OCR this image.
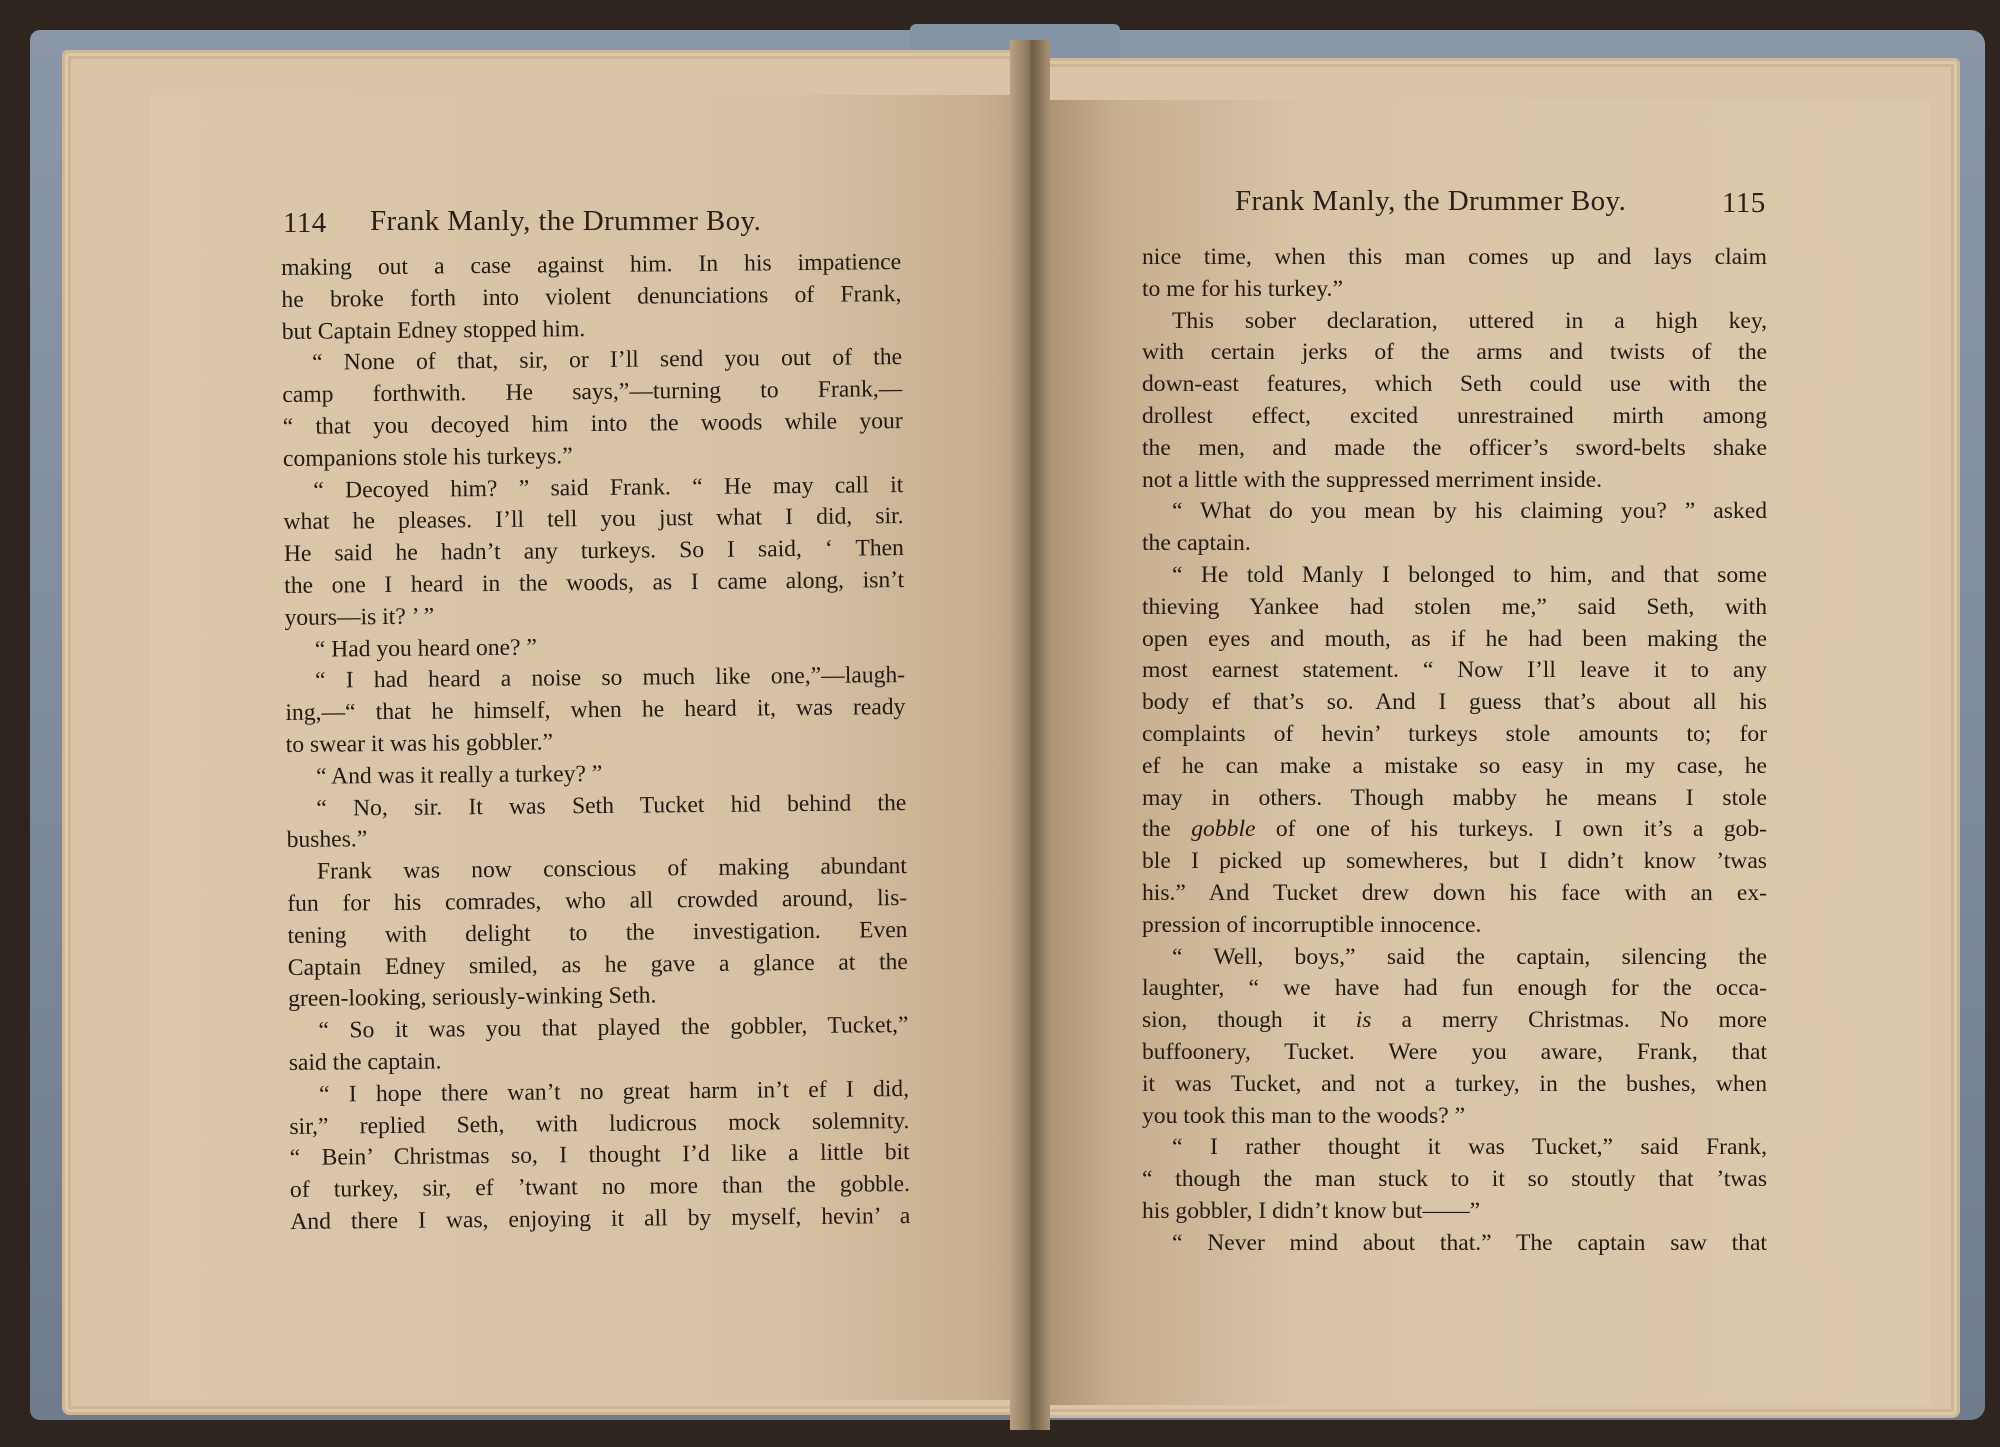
114 Frank Manly, the Drummer Boy.
making out a case against him. In his impatience
he broke forth into violent denunciations of Frank,
but Captain Edney stopped him.
“ None of that, sir, or I’ll send you out of the
camp forthwith. He says,”—turning to Frank,—
“ that you decoyed him into the woods while your
companions stole his turkeys.”
“ Decoyed him? ” said Frank. “ He may call it
what he pleases. I’ll tell you just what I did, sir.
He said he hadn’t any turkeys. So I said, ‘ Then
the one I heard in the woods, as I came along, isn’t
yours—is it? ’ ”
“ Had you heard one? ”
“ I had heard a noise so much like one,”—laugh-
ing,—“ that he himself, when he heard it, was ready
to swear it was his gobbler.”
“ And was it really a turkey? ”
“ No, sir. It was Seth Tucket hid behind the
bushes.”
Frank was now conscious of making abundant
fun for his comrades, who all crowded around, lis-
tening with delight to the investigation. Even
Captain Edney smiled, as he gave a glance at the
green-looking, seriously-winking Seth.
“ So it was you that played the gobbler, Tucket,”
said the captain.
“ I hope there wan’t no great harm in’t ef I did,
sir,” replied Seth, with ludicrous mock solemnity.
“ Bein’ Christmas so, I thought I’d like a little bit
of turkey, sir, ef ’twant no more than the gobble.
And there I was, enjoying it all by myself, hevin’ a
Frank Manly, the Drummer Boy.	115
nice time, when this man comes up and lays claim
to me for his turkey.”
This sober declaration, uttered in a high key,
with certain jerks of the arms and twists of the
down-east features, which Seth could use with the
drollest effect, excited unrestrained mirth among
the men, and made the officer’s sword-belts shake
not a little with the suppressed merriment inside.
“ What do you mean by his claiming you? ” asked
the captain.
“ He told Manly I belonged to him, and that some
thieving Yankee had stolen me,” said Seth, with
open eyes and mouth, as if he had been making the
most earnest statement. “ Now I’ll leave it to any
body ef that’s so. And I guess that’s about all his
complaints of hevin’ turkeys stole amounts to; for
ef he can make a mistake so easy in my case, he
may in others. Though mabby he means I stole
the gobble of one of his turkeys. I own it’s a gob-
ble I picked up somewheres, but I didn’t know ’twas
his.” And Tucket drew down his face with an ex-
pression of incorruptible innocence.
“ Well, boys,” said the captain, silencing the
laughter, “ we have had fun enough for the occa-
sion, though it is a merry Christmas. No more
buffoonery, Tucket. Were you aware, Frank, that
it was Tucket, and not a turkey, in the bushes, when
you took this man to the woods? ”
“ I rather thought it was Tucket,” said Frank,
“ though the man stuck to it so stoutly that ’twas
his gobbler, I didn’t know but——”
“ Never mind about that.” The captain saw that
